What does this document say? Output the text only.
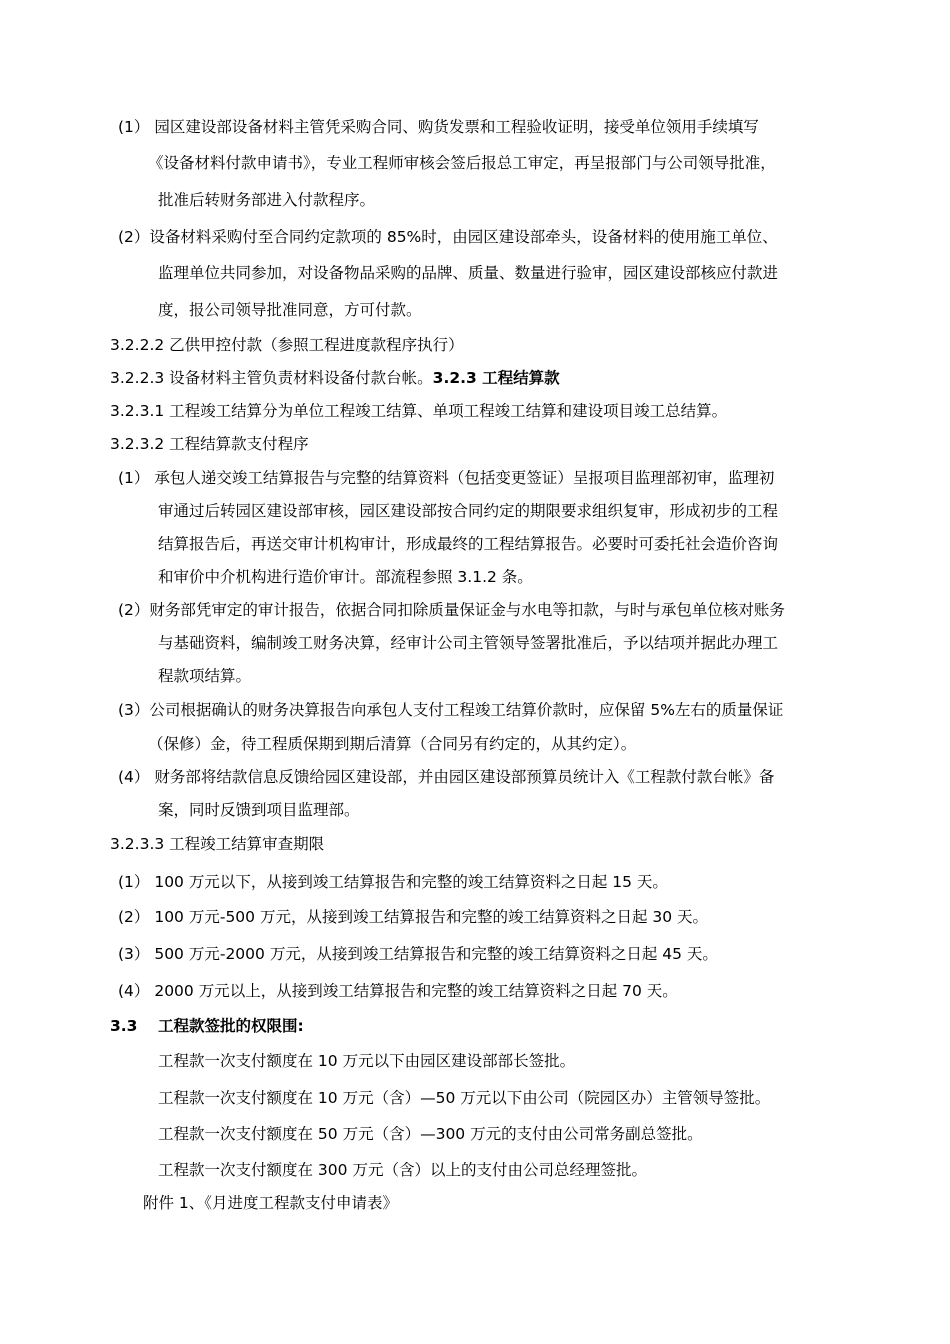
(1） 园区建设部设备材料主管凭采购合同、购货发票和工程验收证明，接受单位领用手续填写
《设备材料付款申请书》，专业工程师审核会签后报总工审定，再呈报部门与公司领导批准，
批准后转财务部进入付款程序。
(2）设备材料采购付至合同约定款项的 85%时，由园区建设部牵头，设备材料的使用施工单位、
监理单位共同参加，对设备物品采购的品牌、质量、数量进行验审，园区建设部核应付款进
度，报公司领导批准同意，方可付款。
3.2.2.2 乙供甲控付款（参照工程进度款程序执行）
3.2.2.3 设备材料主管负责材料设备付款台帐。3.2.3 工程结算款
3.2.3.1 工程竣工结算分为单位工程竣工结算、单项工程竣工结算和建设项目竣工总结算。
3.2.3.2 工程结算款支付程序
(1） 承包人递交竣工结算报告与完整的结算资料（包括变更签证）呈报项目监理部初审，监理初
审通过后转园区建设部审核，园区建设部按合同约定的期限要求组织复审，形成初步的工程
结算报告后，再送交审计机构审计，形成最终的工程结算报告。必要时可委托社会造价咨询
和审价中介机构进行造价审计。部流程参照 3.1.2 条。
(2）财务部凭审定的审计报告，依据合同扣除质量保证金与水电等扣款，与时与承包单位核对账务
与基础资料，编制竣工财务决算，经审计公司主管领导签署批准后，予以结项并据此办理工
程款项结算。
(3）公司根据确认的财务决算报告向承包人支付工程竣工结算价款时，应保留 5%左右的质量保证
（保修）金，待工程质保期到期后清算（合同另有约定的，从其约定）。
(4） 财务部将结款信息反馈给园区建设部，并由园区建设部预算员统计入《工程款付款台帐》备
案，同时反馈到项目监理部。
3.2.3.3 工程竣工结算审查期限
(1） 100 万元以下，从接到竣工结算报告和完整的竣工结算资料之日起 15 天。
(2） 100 万元-500 万元，从接到竣工结算报告和完整的竣工结算资料之日起 30 天。
(3） 500 万元-2000 万元，从接到竣工结算报告和完整的竣工结算资料之日起 45 天。
(4） 2000 万元以上，从接到竣工结算报告和完整的竣工结算资料之日起 70 天。
3.3 工程款签批的权限围:
工程款一次支付额度在 10 万元以下由园区建设部部长签批。
工程款一次支付额度在 10 万元（含）—50 万元以下由公司（院园区办）主管领导签批。
工程款一次支付额度在 50 万元（含）—300 万元的支付由公司常务副总签批。
工程款一次支付额度在 300 万元（含）以上的支付由公司总经理签批。
附件 1、《月进度工程款支付申请表》
